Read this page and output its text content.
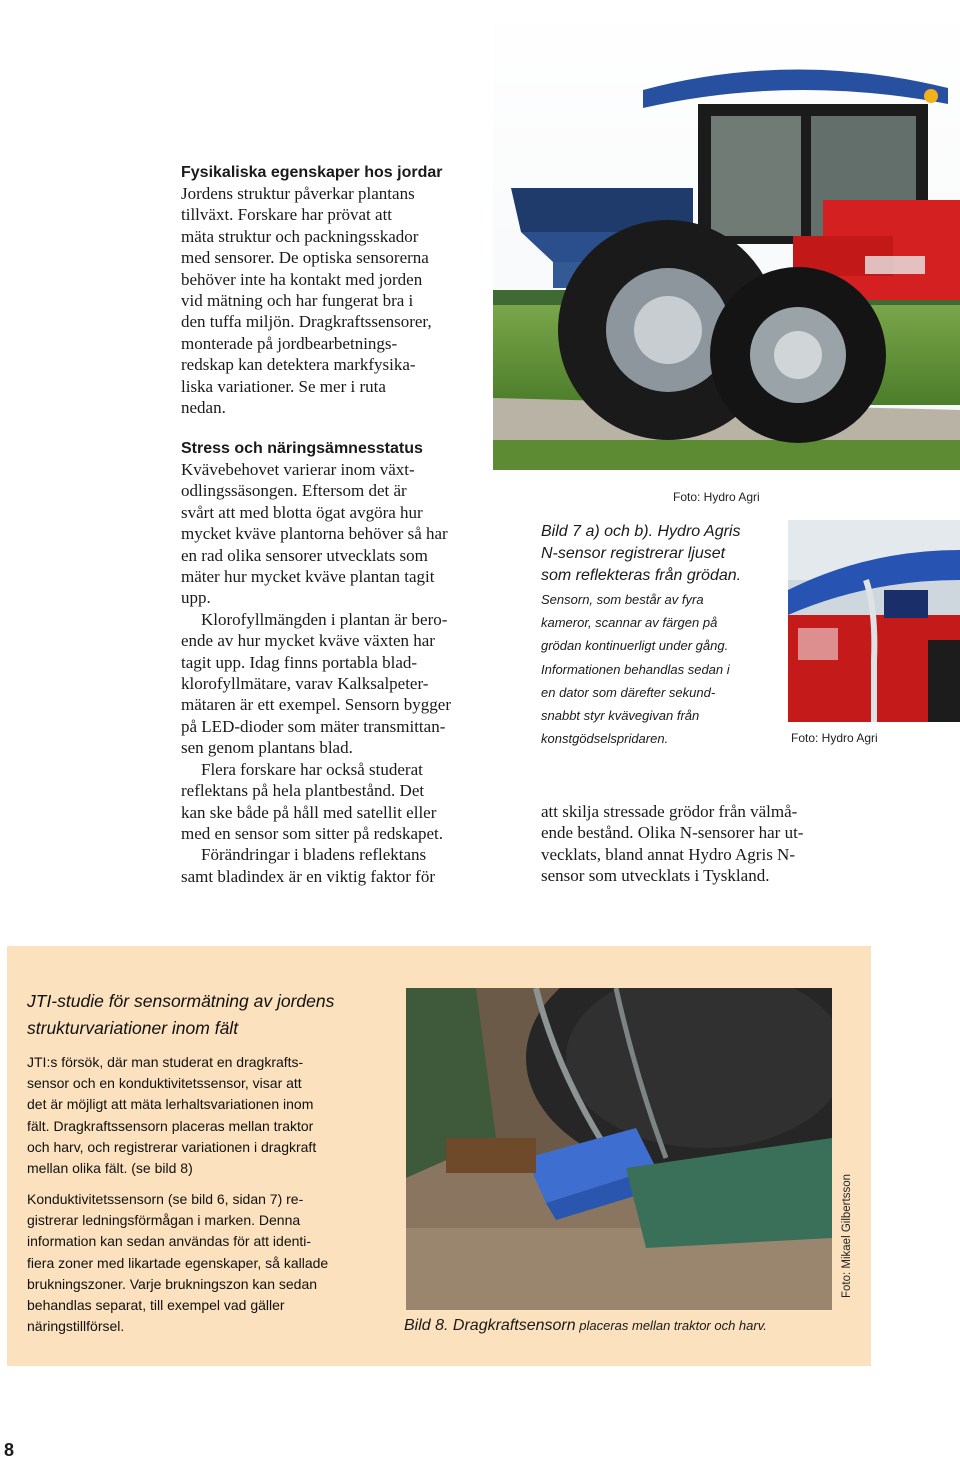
Fysikaliska egenskaper hos jordar
Jordens struktur påverkar plantans
tillväxt. Forskare har prövat att
mäta struktur och packningsskador
med sensorer. De optiska sensorerna
behöver inte ha kontakt med jorden
vid mätning och har fungerat bra i
den tuffa miljön. Dragkraftssensorer,
monterade på jordbearbetnings-
redskap kan detektera markfysika-
liska variationer. Se mer i ruta
nedan.
Stress och näringsämnesstatus
Kvävebehovet varierar inom växt-
odlingssäsongen. Eftersom det är
svårt att med blotta ögat avgöra hur
mycket kväve plantorna behöver så har
en rad olika sensorer utvecklats som
mäter hur mycket kväve plantan tagit
upp.
Klorofyllmängden i plantan är bero-
ende av hur mycket kväve växten har
tagit upp. Idag finns portabla blad-
klorofyllmätare, varav Kalksalpeter-
mätaren är ett exempel. Sensorn bygger
på LED-dioder som mäter transmittan-
sen genom plantans blad.
Flera forskare har också studerat
reflektans på hela plantbestånd. Det
kan ske både på håll med satellit eller
med en sensor som sitter på redskapet.
Förändringar i bladens reflektans
samt bladindex är en viktig faktor för
Foto: Hydro Agri
Bild 7 a) och b). Hydro Agris
N-sensor registrerar ljuset
som reflekteras från grödan.
Sensorn, som består av fyra
kameror, scannar av färgen på
grödan kontinuerligt under gång.
Informationen behandlas sedan i
en dator som därefter sekund-
snabbt styr kvävegivan från
konstgödselspridaren.	Foto: Hydro Agri
att skilja stressade grödor från välmå-
ende bestånd. Olika N-sensorer har ut-
vecklats, bland annat Hydro Agris N-
sensor som utvecklats i Tyskland.
JTI-studie för sensormätning av jordens
strukturvariationer inom fält
JTI:s försök, där man studerat en dragkrafts-
sensor och en konduktivitetssensor, visar att
det är möjligt att mäta lerhaltsvariationen inom
fält. Dragkraftssensorn placeras mellan traktor
och harv, och registrerar variationen i dragkraft
mellan olika fält. (se bild 8)
Konduktivitetssensorn (se bild 6, sidan 7) re-
gistrerar ledningsförmågan i marken. Denna
information kan sedan användas för att identi-
fiera zoner med likartade egenskaper, så kallade
brukningszoner. Varje brukningszon kan sedan
behandlas separat, till exempel vad gäller
näringstillförsel.	Bild 8. Dragkraftsensorn placeras mellan traktor och harv.
Foto: Mikael Gilbertsson
8
